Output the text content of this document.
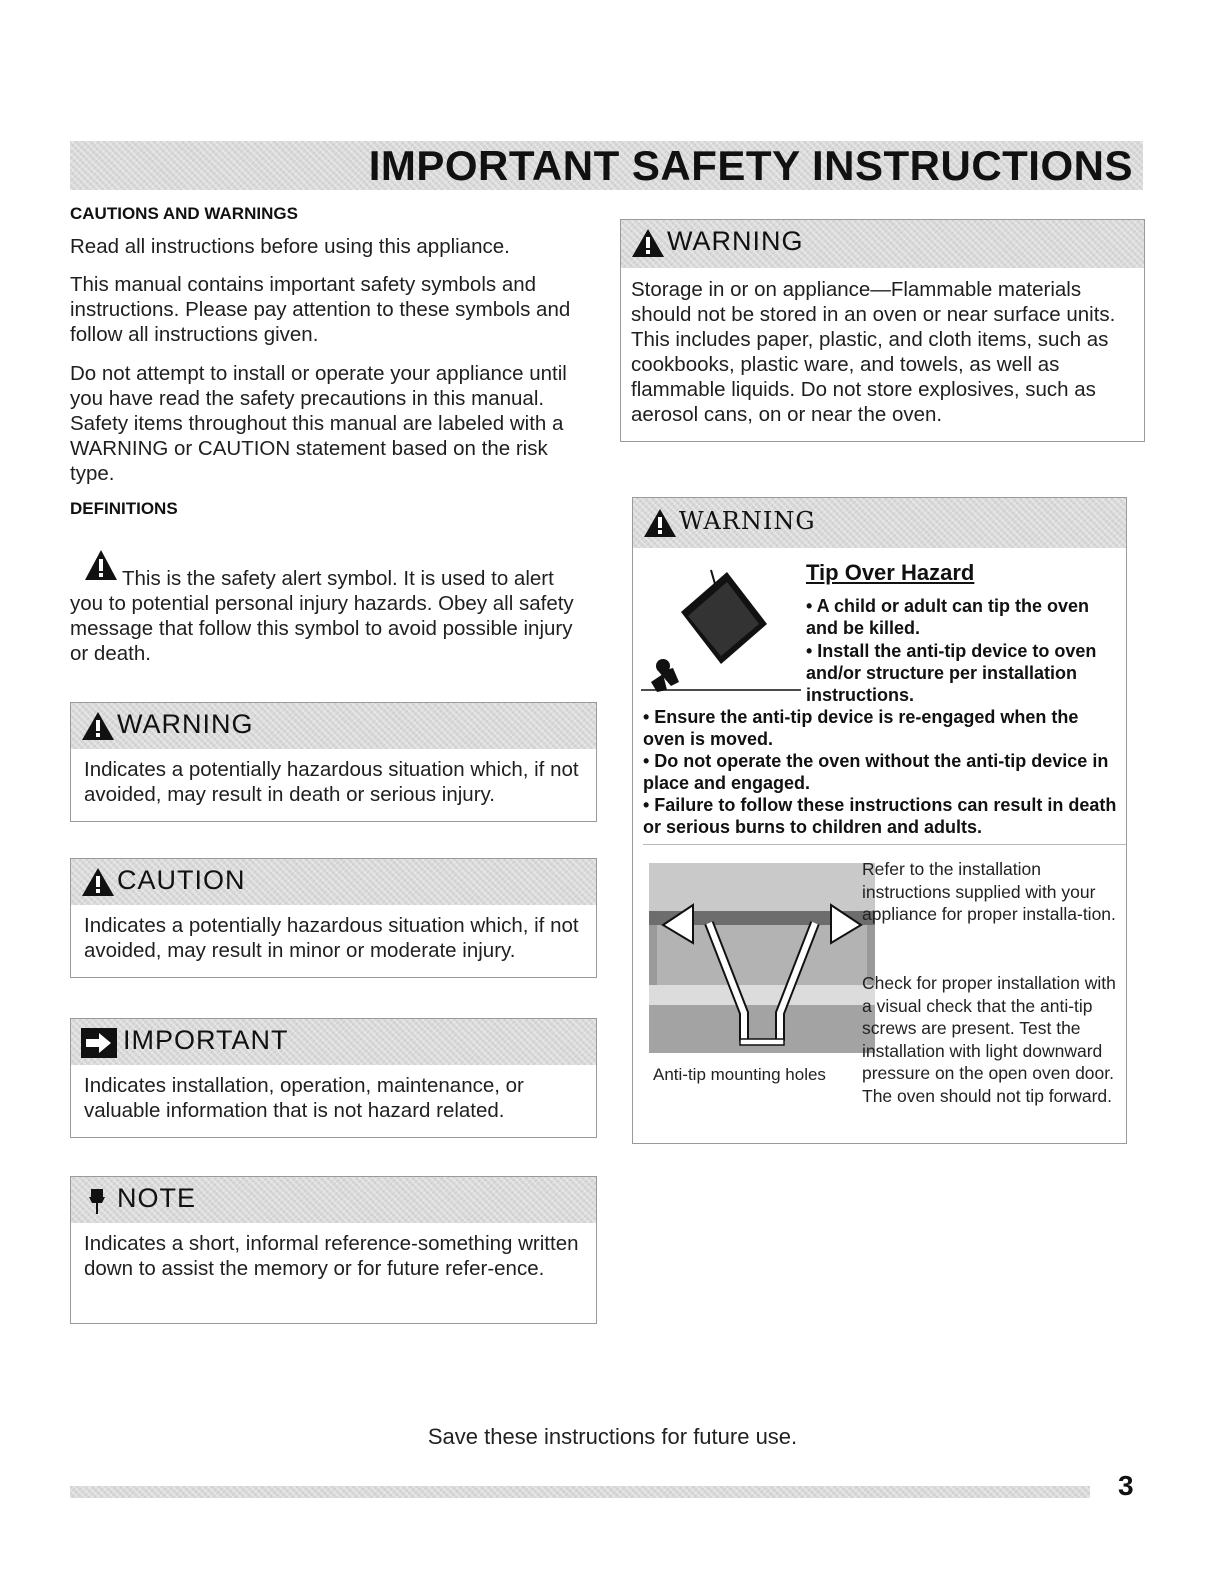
IMPORTANT SAFETY INSTRUCTIONS
CAUTIONS AND WARNINGS

Read all instructions before using this appliance.

This manual contains important safety symbols and instructions. Please pay attention to these symbols and follow all instructions given.

Do not attempt to install or operate your appliance until you have read the safety precautions in this manual. Safety items throughout this manual are labeled with a WARNING or CAUTION statement based on the risk type.

DEFINITIONS

This is the safety alert symbol. It is used to alert you to potential personal injury hazards. Obey all safety message that follow this symbol to avoid possible injury or death.

WARNING

Indicates a potentially hazardous situation which, if not avoided, may result in death or serious injury.

CAUTION

Indicates a potentially hazardous situation which, if not avoided, may result in minor or moderate injury.

IMPORTANT

Indicates installation, operation, maintenance, or valuable information that is not hazard related.

NOTE

Indicates a short, informal reference-something written down to assist the memory or for future refer-ence.

WARNING

Storage in or on appliance—Flammable materials should not be stored in an oven or near surface units. This includes paper, plastic, and cloth items, such as cookbooks, plastic ware, and towels, as well as flammable liquids. Do not store explosives, such as aerosol cans, on or near the oven.

WARNING
Tip Over Hazard

• A child or adult can tip the oven and be killed.

• Install the anti-tip device to oven and/or structure per installation instructions.

• Ensure the anti-tip device is re-engaged when the oven is moved.

• Do not operate the oven without the anti-tip device in place and engaged.

• Failure to follow these instructions can result in death or serious burns to children and adults.

Anti-tip mounting holes

Refer to the installation instructions supplied with your appliance for proper installa-tion.

Check for proper installation with a visual check that the anti-tip screws are present. Test the installation with light downward pressure on the open oven door. The oven should not tip forward.

Save these instructions for future use.
3
